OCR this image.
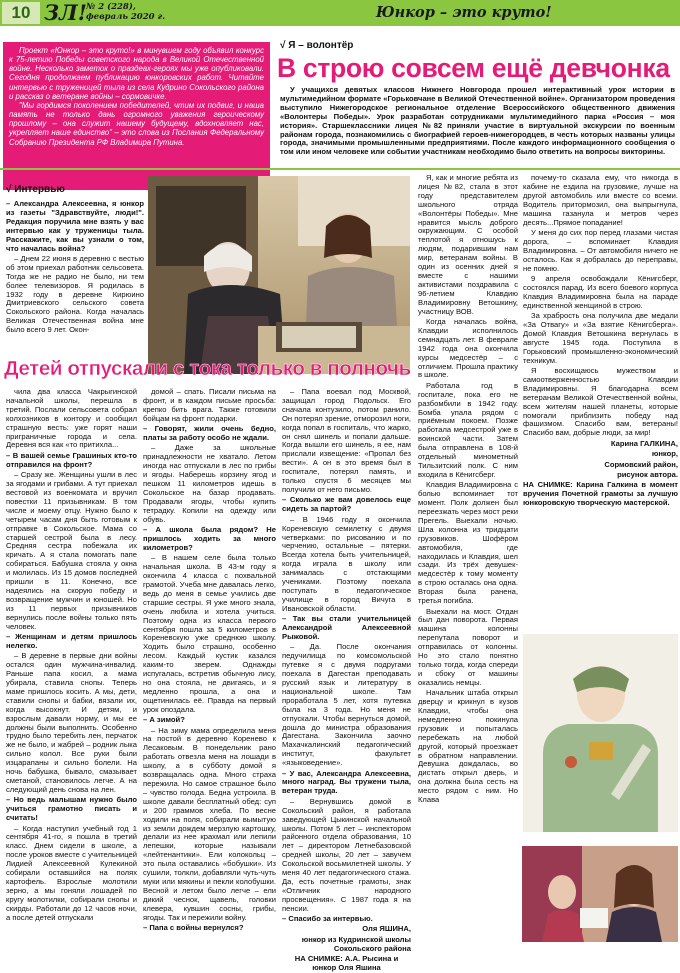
10 ЗЛ! № 2 (228),
февраль 2020 г.	Юнкор – это круто!

Проект «Юнкор – это круто!» в минувшем году объявил конкурс к 75-летию Победы советского народа в Великой Отечественной войне. Несколько заметок о праздеах-героях мы уже опубликовали. Сегодня продолжаем публикацию юнкоровских работ. Читайте интервью с труженицей тыла из села Кудрино Сокольского района и рассказ о ветеране войны – сормовичке.

"Мы гордимся поколением победителей, чтим их подвиг, и наша память не только дань огромного уважения героическому прошлому – она служит нашему будущему, вдохновляет нас, укрепляет наше единство" – это слова из Послания Федеральному Собранию Президента РФ Владимира Путина.

√ Я – волонтёр
В строю совсем ещё девчонка

У учащихся девятых классов Нижнего Новгорода прошел интерактивный урок истории в мультимедийном формате «Горьковчане в Великой Отечественной войне». Организатором проведения выступило Нижегородское региональное отделение Всероссийского общественного движения «Волонтеры Победы». Урок разработан сотрудниками мультимедийного парка «Россия – моя история». Старшеклассники лицея №82 приняли участие в виртуальной экскурсии по военным районам города, познакомились с биографией героев-нижегородцев, в честь которых названы улицы города, значимыми промышленными предприятиями. После каждого информационного сообщения о том или ином человеке или событии участникам необходимо было ответить на вопросы викторины.

√ Интервью

– Александра Алексеевна, я юнкор из газеты "Здравствуйте, люди!". Редакция поручила мне взять у вас интервью как у труженицы тыла. Расскажите, как вы узнали о том, что началась война?

– Днем 22 июня в деревню с вестью об этом приехал работник сельсовета. Тогда же не радио не было, ни тем более телевизоров. Я родилась в 1932 году в деревне Кирюино Дмитриевского сельского совета Сокольского района. Когда началась Великая Отечественная война мне было всего 9 лет. Окон-

Детей отпускали с тока только в полночь

чила два класса Чакрыгинской начальной школы, перешла в третий. Послали сельсовета собрал колхозников в контору и сообщил страшную весть: уже горят наши приграничные города и села. Деревня вся как «то притихла...

– В вашей семье Грашиных кто-то отправился на фронт?

– Сразу же. Женщины ушли в лес за ягодами и грибами. А тут приехал вестовой из военкомата и вручил повестки 11 призывникам. В том числе и моему отцу. Нужно было к четырем часам дня быть готовым к отправке в Сокольское. Мама со старшей сестрой была в лесу. Средняя сестра побежала их кричать. А я стала помогать папе собираться. Бабушка стояла у окна и молилась. Из 15 домов последней пришли в 11. Конечно, все надеялись на скорую победу и возвращение мужчин и юношей. Но из 11 первых призывников вернулись после войны только пять человек.

– Женщинам и детям пришлось нелегко.

– В деревне в первые дни войны остался один мужчина-инвалид. Раньше папа косил, а мама убирала, ставила снопы. Теперь маме пришлось косить. А мы, дети, ставили снопы и бабки, вязали их, когда высохнут. И детям, и взрослым давали норму, и мы ее должны были выполнить. Особенно трудно было теребить лен, перчаток же не было, и жабрей – родник лыка сильно колол. Все руки были изцарапаны и сильно болели. На ночь бабушка, бывало, смазывает сметаной, становилось легче. А на следующий день снова на лен.

– Но ведь малышам нужно было учиться грамотно писать и считать!

– Когда наступил учебный год 1 сентября 41-го, я пошла в третий класс. Днем сидели в школе, а после уроков вместе с учительницей Лидией Алексеевной Кулекиной собирали оставшийся на полях картофель. Взрослые молотили зерно, а мы гоняли лошадей по кругу молотилки, собирали снопы и скирды. Работали до 12 часов ночи, а после детей отпускали

домой – спать. Писали письма на фронт, и в каждом письме просьба: крепко бить врага. Также готовили бойцам на фронт подарки.

– Говорят, жили очень бедно, платы за работу особо не ждали.

– Даже за школьные принадлежности не хватало. Летом иногда нас отпускали в лес по грибы и ягоды. Наберешь корзину ягод и пешком 11 километров идешь в Сокольское на базар продавать. Продавали ягоды, чтобы купить тетрадку. Копили на одежду или обувь.

– А школа была рядом? Не пришлось ходить за много километров?

– В нашем селе была только начальная школа. В 43-м году я окончила 4 класса с похвальной грамотой. Учеба мне давалась легко, ведь до меня в семье учились две старшие сестры. Я уже много знала, очень любила и хотела учиться. Поэтому одна из класса первого сентября пошла за 5 километров в Кореневскую уже среднюю школу. Ходить было страшно, особенно лесом. Каждый кустик казался каким-то зверем. Однажды испугалась, встретив обычную лису, но она стояла, не двигаясь, и я медленно прошла, а она и ощетинилась её. Правда на первый урок опоздала.

– А зимой?

– На зиму мама определила меня на постой в деревню Коренево к Лесаковым. В понедельник рано работать отвезла меня на лошади в школу, а в субботу домой я возвращалась одна. Много страха пережила. Но самое страшное было – чувство голода. Бедна устроила. В школе давали бесплатный обед: суп и 200 граммов хлеба. По весне ходили на поля, собирали вымытую из земли дождем мерзлую картошку, делали из нее крахмал или лепили лепешки, которые называли «лейтенантики». Ели колокольц – это пыла оставались «бобушки». Из сушили, толкли, добавляли чуть-чуть муки или мякины и пекли колобушки. Весной и летом было легче – ели дикий чеснок, щавель, головки клевера, кувшин сосны, грибы, ягоды. Так и пережили войну.

– Папа с войны вернулся?

– Папа воевал под Москвой, защищал город Подольск. Его сначала контузило, потом ранило. Он потерял зрение, отморозил ноги, когда попал в госпиталь, что жарко, он снял шинель и попали дальше. Когда вышли его шинель, я ее, нам прислали извещение: «Пропал без вести». А он в это время был в госпитале, потерял память, и только спустя 6 месяцев мы получили от него письмо.

– Сколько же вам довелось еще сидеть за партой?

– В 1946 году я окончила Кореневскую семилетку с двумя четверками: по рисованию и по черчению, остальные – пятерки. Всегда хотела быть учительницей, когда играла в школу или занималась с отстающими учениками. Поэтому поехала поступать в педагогическое училище в город Вичуга в Ивановской области.

– Так вы стали учительницей Александрой Алексеевной Рыжовой.

– Да. После окончания педучилища по комсомольской путевке я с двумя подругами поехала в Дагестан преподавать русский язык и литературу в национальной школе. Там проработала 5 лет, хотя путевка была на 3 года. Но меня не отпускали. Чтобы вернуться домой, дошла до министра образования Дагестана. Закончила заочно Махачкалинский педагогический институт, факультет «языковедение».

– У вас, Александра Алексеевна, много наград. Вы тружени тыла, ветеран труда.

– Вернувшись домой в Сокольский район, я работала заведующей Цыкинской начальной школы. Потом 5 лет – инспектором районного отдела образования, 10 лет – директором Летнебазовской средней школы, 20 лет – завучем Сокольской восьмилетней школы. У меня 40 лет педагогического стажа. Да, есть почетные грамоты, знак «Отличник народного просвещения». С 1987 года я на пенсии.

– Спасибо за интервью.

Оля ЯШИНА,

юнкор из Кудринской школы Сокольского района

НА СНИМКЕ: А.А. Рысина и юнкор Оля Яшина

Я, как и многие ребята из лицея №82, стала в этот году представителем школьного отряда «Волонтёры Победы». Мне нравится мысль доброго окружающим. С особой теплотой я отношусь к людям, подарившим нам мир, ветеранам войны. В один из осенних дней я вместе с нашими активистами поздравила с 96-летием Клавдию Владимировну Ветошкину, участницу ВОВ.

Когда началась война, Клавдии исполнилось семнадцать лет. В феврале 1942 года она окончила курсы медсестёр – с отличием. Прошла практику в школе.

Работала год в госпитале, пока его не разбомбили в 1942 году. Бомба упала рядом с приёмным покоем. Позже работала медсестрой уже в воинской части. Затем была отправлена в 108-й отдельный минометный Тильзитский полк. С ним входила в Кёнигсберг.

Клавдия Владимировна с болью вспоминает тот момент. Полк должен был переезжать через мост реки Прегель. Выехали ночью. Шла колонна из тридцати грузовиков. Шофёром автомобиля, где находилась и Клавдия, шел сзади. Из трёх девушек-медсестёр к тому моменту в строю осталась она одна. Вторая была ранена, третья погибла.

Выехали на мост. Отдан был дан поворота. Первая машина колонны перепутала поворот и отправилась от колонны. Но это стало понятно только тогда, когда спереди и сбоку от машины оказались немцы.

Начальник штаба открыл дверцу и крикнул в кузов Клавдии, чтобы она немедленно покинула грузовик и попыталась перебежать на любой другой, который проезжает в обратном направлении. Девушка дождалась, во дистать открыл дверь, и она должна была сесть на место рядом с ним. Но Клава

почему-то сказала ему, что никогда в кабине не ездила на грузовике, лучше на другой автомобиль или вместе со всеми. Водитель притормозил, она выпрыгнула, машина газанула и метров через десять...Прямое попадание!

У меня до сих пор перед глазами чистая дорога, – вспоминает Клавдия Владимировна. – От автомобиля ничего не осталось. Как я добралась до переправы, не помню.

9 апреля освобождали Кёнигсберг, состоялся парад. Из всего боевого корпуса Клавдия Владимировна была на параде единственной женщиной в строю.

За храбрость она получила две медали «За Отвагу» и «За взятие Кёнигсберга». Домой Клавдия Ветошкина вернулась в августе 1945 года. Поступила в Горьковский промышленно-экономический техникум.

Я восхищаюсь мужеством и самоотверженностью Клавдии Владимировны. Я благодарна всем ветеранам Великой Отечественной войны, всем жителям нашей планеты, которые помогали приблизить победу над фашизмом. Спасибо вам, ветераны! Спасибо вам, добрые люди, за мир!

Карина ГАЛКИНА,

юнкор,

Сормовский район,

рисунок автора.

НА СНИМКЕ: Карина Галкина в момент вручения Почетной грамоты за лучшую юнкоровскую творческую мастерской.
